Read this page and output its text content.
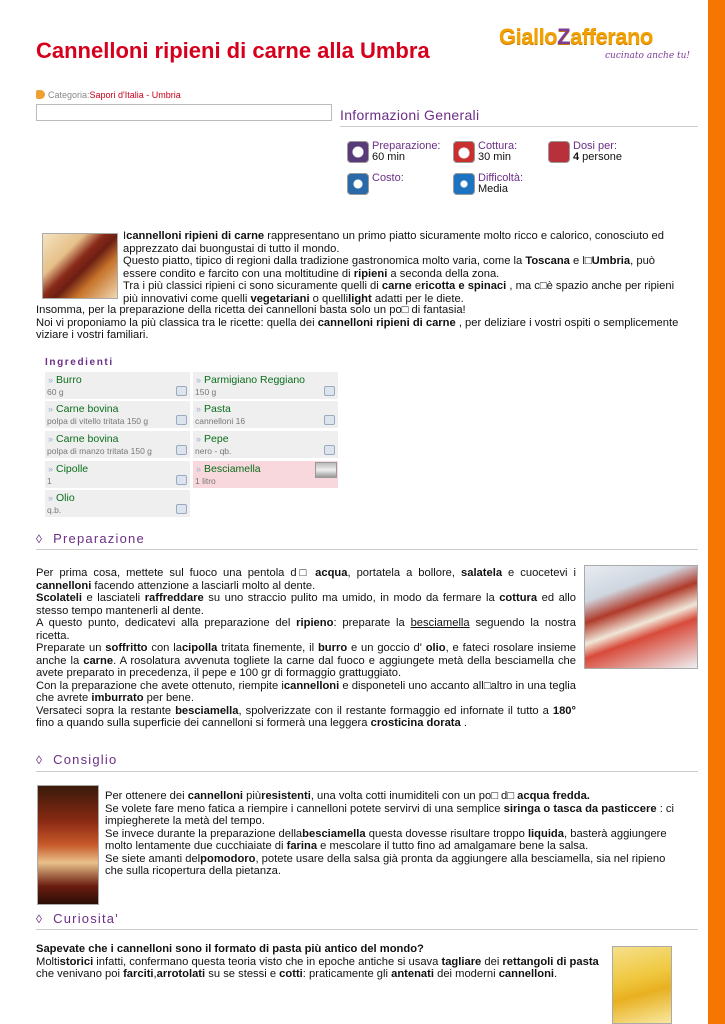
Cannelloni ripieni di carne alla Umbra
GialloZafferano
cucinato anche tu!
Categoria:Sapori d'Italia - Umbria
Informazioni Generali
Preparazione:
60 min
Cottura:
30 min
Dosi per:
4 persone
Costo:	Difficoltà:
Media
Icannelloni ripieni di carne rappresentano un primo piatto sicuramente molto ricco e calorico, conosciuto ed apprezzato dai buongustai di tutto il mondo.
Questo piatto, tipico di regioni dalla tradizione gastronomica molto varia, come la Toscana e l□Umbria, può essere condito e farcito con una moltitudine di ripieni a seconda della zona.
Tra i più classici ripieni ci sono sicuramente quelli di carne ericotta e spinaci , ma c□è spazio anche per ripieni più innovativi come quelli vegetariani o quellilight adatti per le diete.
Insomma, per la preparazione della ricetta dei cannelloni basta solo un po□ di fantasia!
Noi vi proponiamo la più classica tra le ricette: quella dei cannelloni ripieni di carne , per deliziare i vostri ospiti o semplicemente viziare i vostri familiari.
Ingredienti
» Burro
60 g
» Carne bovina
polpa di vitello tritata 150 g
» Carne bovina
polpa di manzo tritata 150 g
» Cipolle
1
» Olio
q.b.
» Parmigiano Reggiano
150 g
» Pasta
cannelloni 16
» Pepe
nero - qb.
» Besciamella
1 litro
◊ Preparazione
Per prima cosa, mettete sul fuoco una pentola d□ acqua, portatela a bollore, salatela e cuocetevi i cannelloni facendo attenzione a lasciarli molto al dente.
Scolateli e lasciateli raffreddare su uno straccio pulito ma umido, in modo da fermare la cottura ed allo stesso tempo mantenerli al dente.
A questo punto, dedicatevi alla preparazione del ripieno: preparate la besciamella seguendo la nostra ricetta.
Preparate un soffritto con lacipolla tritata finemente, il burro e un goccio d' olio, e fateci rosolare insieme anche la carne. A rosolatura avvenuta togliete la carne dal fuoco e aggiungete metà della besciamella che avete preparato in precedenza, il pepe e 100 gr di formaggio grattuggiato.
Con la preparazione che avete ottenuto, riempite icannelloni e disponeteli uno accanto all□altro in una teglia che avrete imburrato per bene.
Versateci sopra la restante besciamella, spolverizzate con il restante formaggio ed infornate il tutto a 180° fino a quando sulla superficie dei cannelloni si formerà una leggera crosticina dorata .
◊ Consiglio
Per ottenere dei cannelloni piùresistenti, una volta cotti inumiditeli con un po□ d□ acqua fredda.
Se volete fare meno fatica a riempire i cannelloni potete servirvi di una semplice siringa o tasca da pasticcere : ci impiegherete la metà del tempo.
Se invece durante la preparazione dellabesciamella questa dovesse risultare troppo liquida, basterà aggiungere molto lentamente due cucchiaiate di farina e mescolare il tutto fino ad amalgamare bene la salsa.
Se siete amanti delpomodoro, potete usare della salsa già pronta da aggiungere alla besciamella, sia nel ripieno che sulla ricopertura della pietanza.
◊ Curiosita'
Sapevate che i cannelloni sono il formato di pasta più antico del mondo?
Moltistorici infatti, confermano questa teoria visto che in epoche antiche si usava tagliare dei rettangoli di pasta che venivano poi farciti,arrotolati su se stessi e cotti: praticamente gli antenati dei moderni cannelloni.
